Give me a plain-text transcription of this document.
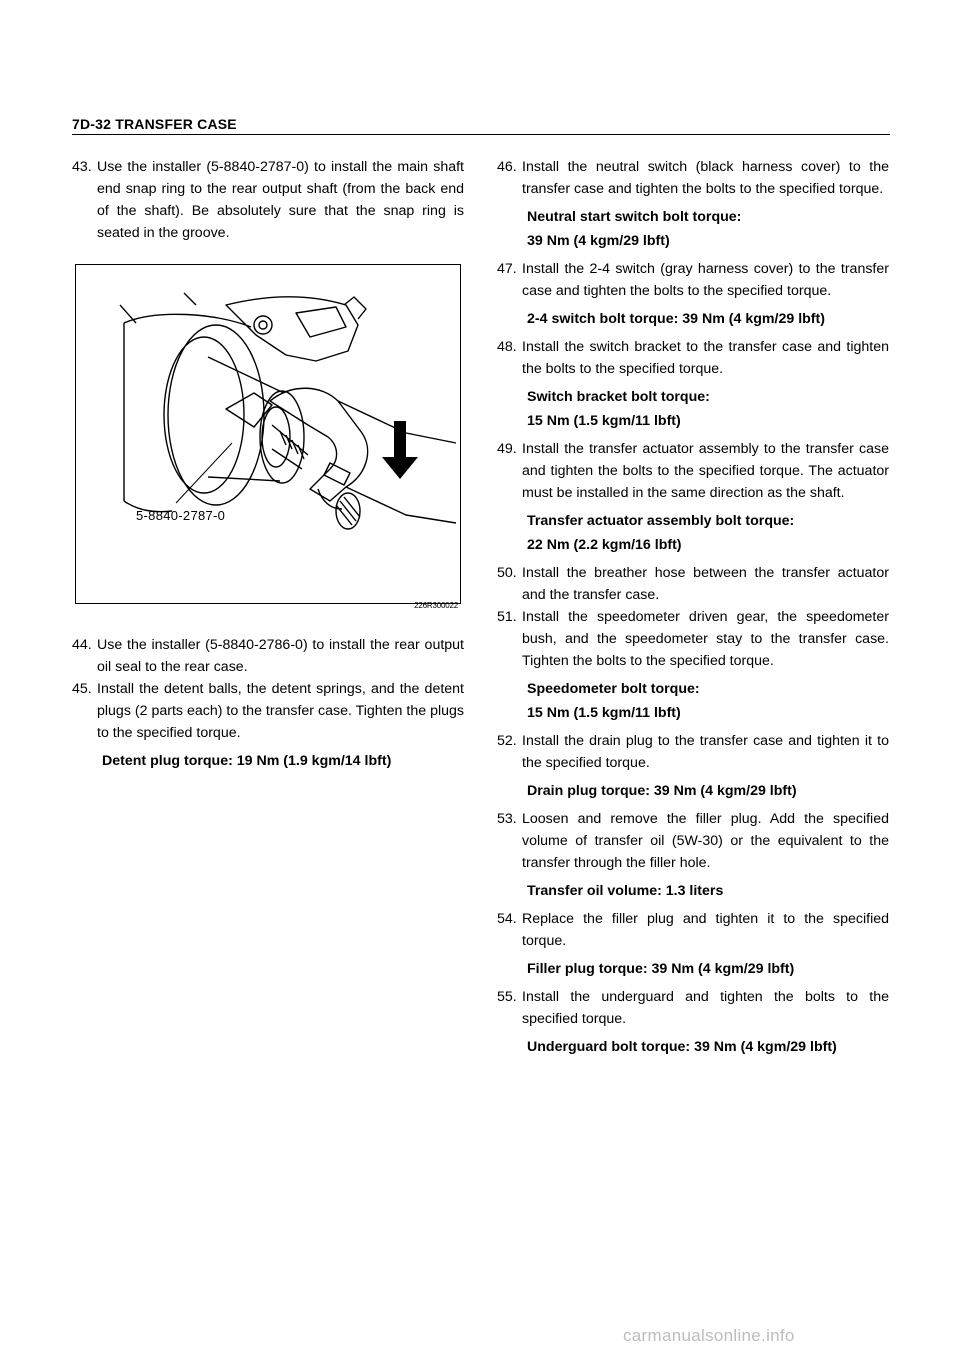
7D-32 TRANSFER CASE
43. Use the installer (5-8840-2787-0) to install the main shaft end snap ring to the rear output shaft (from the back end of the shaft). Be absolutely sure that the snap ring is seated in the groove.
5-8840-2787-0
226R300022
44. Use the installer (5-8840-2786-0) to install the rear output oil seal to the rear case.
45. Install the detent balls, the detent springs, and the detent plugs (2 parts each) to the transfer case. Tighten the plugs to the specified torque.
Detent plug torque: 19 Nm (1.9 kgm/14 lbft)
46. Install the neutral switch (black harness cover) to the transfer case and tighten the bolts to the specified torque.
Neutral start switch bolt torque:
39 Nm (4 kgm/29 lbft)
47. Install the 2-4 switch (gray harness cover) to the transfer case and tighten the bolts to the specified torque.
2-4 switch bolt torque: 39 Nm (4 kgm/29 lbft)
48. Install the switch bracket to the transfer case and tighten the bolts to the specified torque.
Switch bracket bolt torque:
15 Nm (1.5 kgm/11 lbft)
49. Install the transfer actuator assembly to the transfer case and tighten the bolts to the specified torque. The actuator must be installed in the same direction as the shaft.
Transfer actuator assembly bolt torque:
22 Nm (2.2 kgm/16 lbft)
50. Install the breather hose between the transfer actuator and the transfer case.
51. Install the speedometer driven gear, the speedometer bush, and the speedometer stay to the transfer case. Tighten the bolts to the specified torque.
Speedometer bolt torque:
15 Nm (1.5 kgm/11 lbft)
52. Install the drain plug to the transfer case and tighten it to the specified torque.
Drain plug torque: 39 Nm (4 kgm/29 lbft)
53. Loosen and remove the filler plug. Add the specified volume of transfer oil (5W-30) or the equivalent to the transfer through the filler hole.
Transfer oil volume: 1.3 liters
54. Replace the filler plug and tighten it to the specified torque.
Filler plug torque: 39 Nm (4 kgm/29 lbft)
55. Install the underguard and tighten the bolts to the specified torque.
Underguard bolt torque: 39 Nm (4 kgm/29 lbft)
carmanualsonline.info
